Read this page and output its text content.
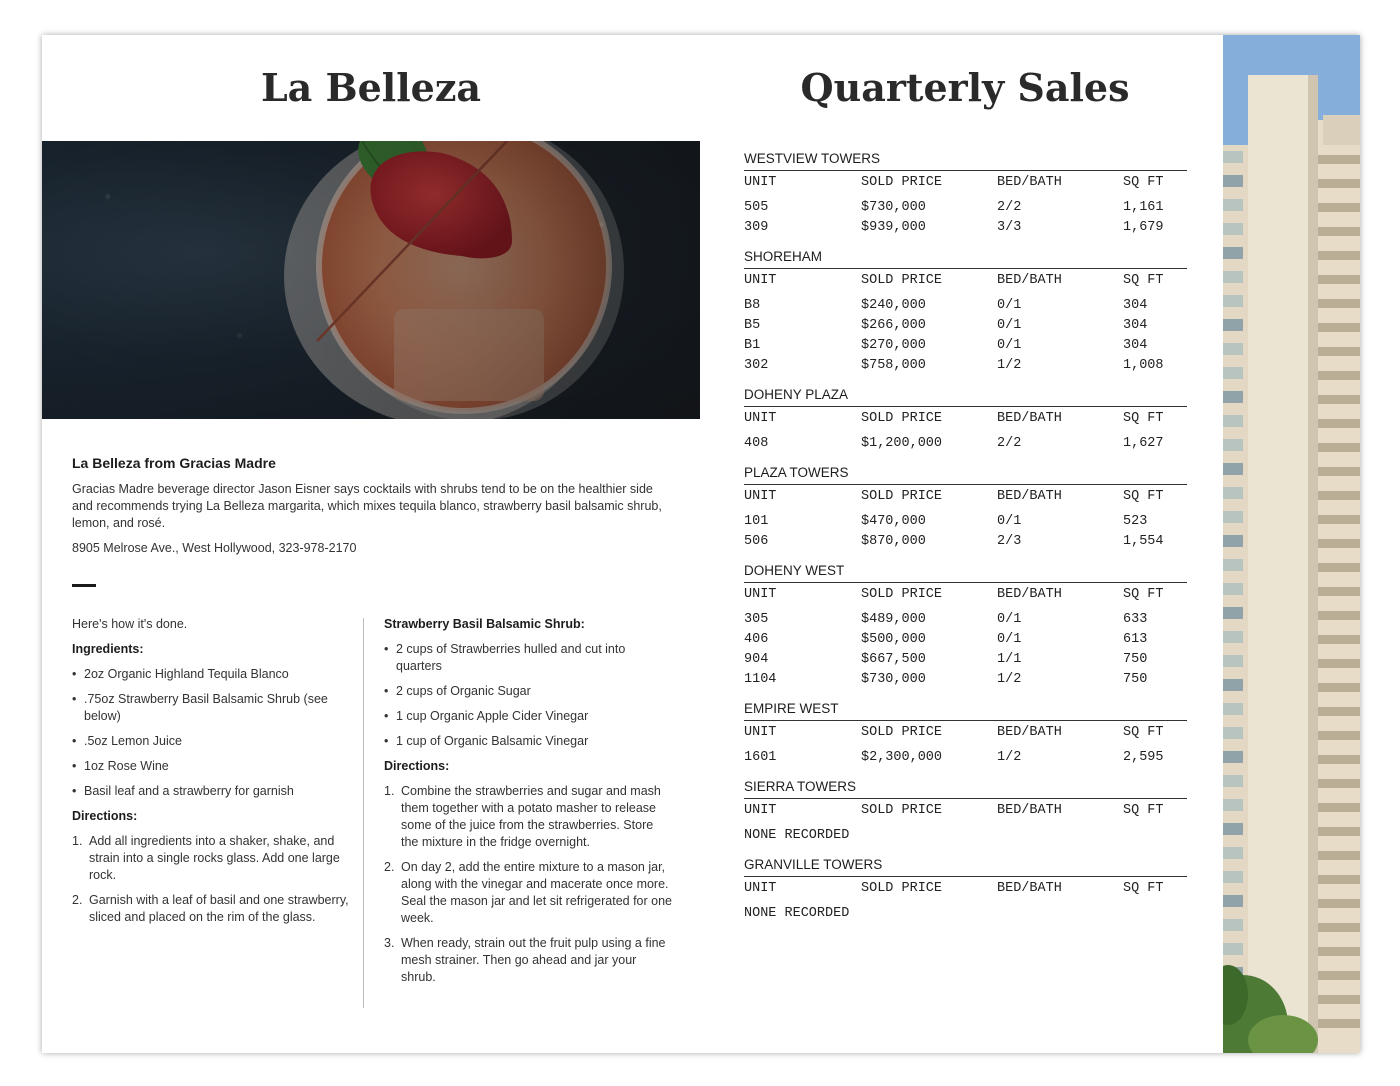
La Belleza
La Belleza from Gracias Madre
Gracias Madre beverage director Jason Eisner says cocktails with shrubs tend to be on the healthier side and recommends trying La Belleza margarita, which mixes tequila blanco, strawberry basil balsamic shrub, lemon, and rosé.
8905 Melrose Ave., West Hollywood, 323-978-2170

Here's how it's done.

Ingredients:

• 2oz Organic Highland Tequila Blanco
• .75oz Strawberry Basil Balsamic Shrub (see below)
• .5oz Lemon Juice
• 1oz Rose Wine
• Basil leaf and a strawberry for garnish

Directions:

1. Add all ingredients into a shaker, shake, and strain into a single rocks glass. Add one large rock.
2. Garnish with a leaf of basil and one strawberry, sliced and placed on the rim of the glass.

Strawberry Basil Balsamic Shrub:

• 2 cups of Strawberries hulled and cut into quarters
• 2 cups of Organic Sugar
• 1 cup Organic Apple Cider Vinegar
• 1 cup of Organic Balsamic Vinegar

Directions:

1. Combine the strawberries and sugar and mash them together with a potato masher to release some of the juice from the strawberries. Store the mixture in the fridge overnight.
2. On day 2, add the entire mixture to a mason jar, along with the vinegar and macerate once more. Seal the mason jar and let sit refrigerated for one week.
3. When ready, strain out the fruit pulp using a fine mesh strainer. Then go ahead and jar your shrub.
Quarterly Sales
WESTVIEW TOWERS
UNIT	SOLD PRICE	BED/BATH	SQ FT
505	$730,000	2/2	1,161
309	$939,000	3/3	1,679
SHOREHAM
UNIT	SOLD PRICE	BED/BATH	SQ FT
B8	$240,000	0/1	304
B5	$266,000	0/1	304
B1	$270,000	0/1	304
302	$758,000	1/2	1,008
DOHENY PLAZA
UNIT	SOLD PRICE	BED/BATH	SQ FT
408	$1,200,000	2/2	1,627
PLAZA TOWERS
UNIT	SOLD PRICE	BED/BATH	SQ FT
101	$470,000	0/1	523
506	$870,000	2/3	1,554
DOHENY WEST
UNIT	SOLD PRICE	BED/BATH	SQ FT
305	$489,000	0/1	633
406	$500,000	0/1	613
904	$667,500	1/1	750
1104	$730,000	1/2	750
EMPIRE WEST
UNIT	SOLD PRICE	BED/BATH	SQ FT
1601	$2,300,000	1/2	2,595
SIERRA TOWERS
UNIT	SOLD PRICE	BED/BATH	SQ FT
NONE RECORDED
GRANVILLE TOWERS
UNIT	SOLD PRICE	BED/BATH	SQ FT
NONE RECORDED
